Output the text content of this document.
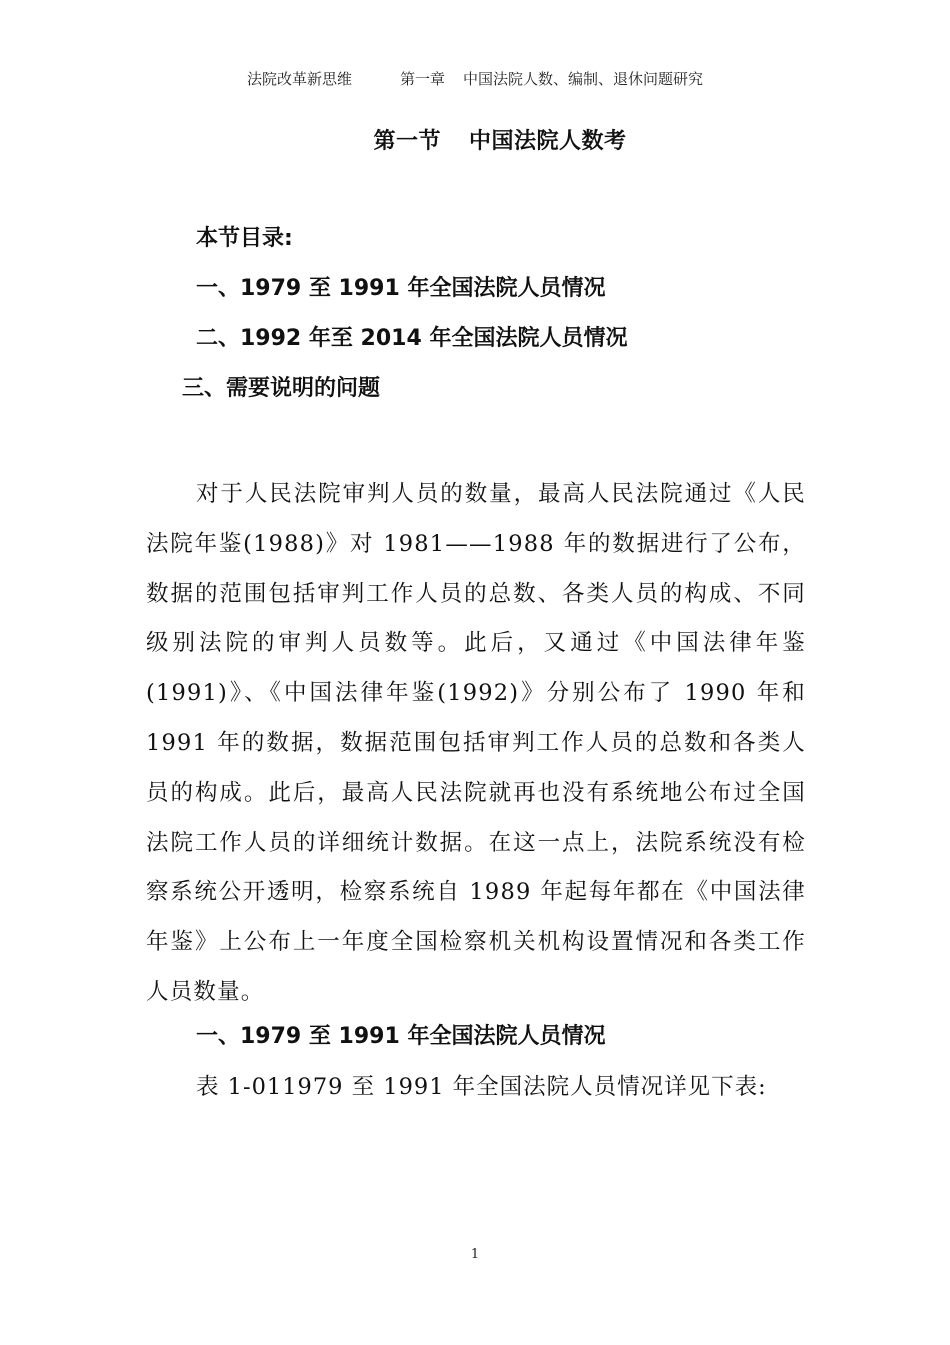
法院改革新思维	第一章 中国法院人数、编制、退休问题研究
第一节 中国法院人数考
本节目录:
一、1979 至 1991 年全国法院人员情况
二、1992 年至 2014 年全国法院人员情况
三、需要说明的问题

对于人民法院审判人员的数量，最高人民法院通过《人民法院年鉴(1988)》对 1981——1988 年的数据进行了公布，数据的范围包括审判工作人员的总数、各类人员的构成、不同级别法院的审判人员数等。此后，又通过《中国法律年鉴(1991)》、《中国法律年鉴(1992)》分别公布了 1990 年和 1991 年的数据，数据范围包括审判工作人员的总数和各类人员的构成。此后，最高人民法院就再也没有系统地公布过全国法院工作人员的详细统计数据。在这一点上，法院系统没有检察系统公开透明，检察系统自 1989 年起每年都在《中国法律年鉴》上公布上一年度全国检察机关机构设置情况和各类工作人员数量。

一、1979 至 1991 年全国法院人员情况
表 1-011979 至 1991 年全国法院人员情况详见下表:
1
